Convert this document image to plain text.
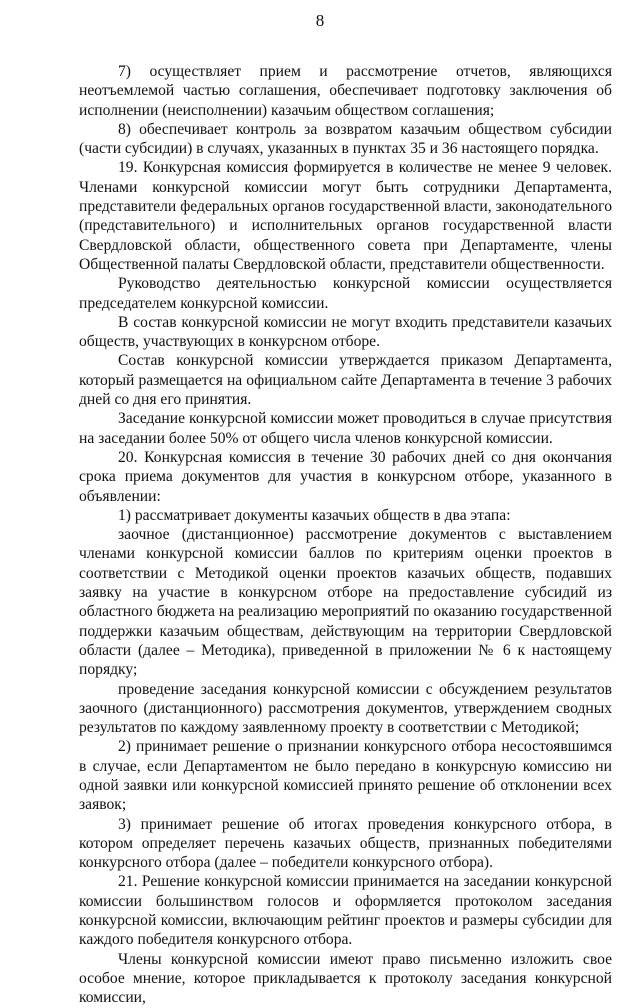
8

7) осуществляет прием и рассмотрение отчетов, являющихся неотъемлемой частью соглашения, обеспечивает подготовку заключения об исполнении (неисполнении) казачьим обществом соглашения;

8) обеспечивает контроль за возвратом казачьим обществом субсидии (части субсидии) в случаях, указанных в пунктах 35 и 36 настоящего порядка.

19. Конкурсная комиссия формируется в количестве не менее 9 человек. Членами конкурсной комиссии могут быть сотрудники Департамента, представители федеральных органов государственной власти, законодательного (представительного) и исполнительных органов государственной власти Свердловской области, общественного совета при Департаменте, члены Общественной палаты Свердловской области, представители общественности.

Руководство деятельностью конкурсной комиссии осуществляется председателем конкурсной комиссии.

В состав конкурсной комиссии не могут входить представители казачьих обществ, участвующих в конкурсном отборе.

Состав конкурсной комиссии утверждается приказом Департамента, который размещается на официальном сайте Департамента в течение 3 рабочих дней со дня его принятия.

Заседание конкурсной комиссии может проводиться в случае присутствия на заседании более 50% от общего числа членов конкурсной комиссии.

20. Конкурсная комиссия в течение 30 рабочих дней со дня окончания срока приема документов для участия в конкурсном отборе, указанного в объявлении:

1) рассматривает документы казачьих обществ в два этапа:

заочное (дистанционное) рассмотрение документов с выставлением членами конкурсной комиссии баллов по критериям оценки проектов в соответствии с Методикой оценки проектов казачьих обществ, подавших заявку на участие в конкурсном отборе на предоставление субсидий из областного бюджета на реализацию мероприятий по оказанию государственной поддержки казачьим обществам, действующим на территории Свердловской области (далее – Методика), приведенной в приложении № 6 к настоящему порядку;

проведение заседания конкурсной комиссии с обсуждением результатов заочного (дистанционного) рассмотрения документов, утверждением сводных результатов по каждому заявленному проекту в соответствии с Методикой;

2) принимает решение о признании конкурсного отбора несостоявшимся в случае, если Департаментом не было передано в конкурсную комиссию ни одной заявки или конкурсной комиссией принято решение об отклонении всех заявок;

3) принимает решение об итогах проведения конкурсного отбора, в котором определяет перечень казачьих обществ, признанных победителями конкурсного отбора (далее – победители конкурсного отбора).

21. Решение конкурсной комиссии принимается на заседании конкурсной комиссии большинством голосов и оформляется протоколом заседания конкурсной комиссии, включающим рейтинг проектов и размеры субсидии для каждого победителя конкурсного отбора.

Члены конкурсной комиссии имеют право письменно изложить свое особое мнение, которое прикладывается к протоколу заседания конкурсной комиссии,
